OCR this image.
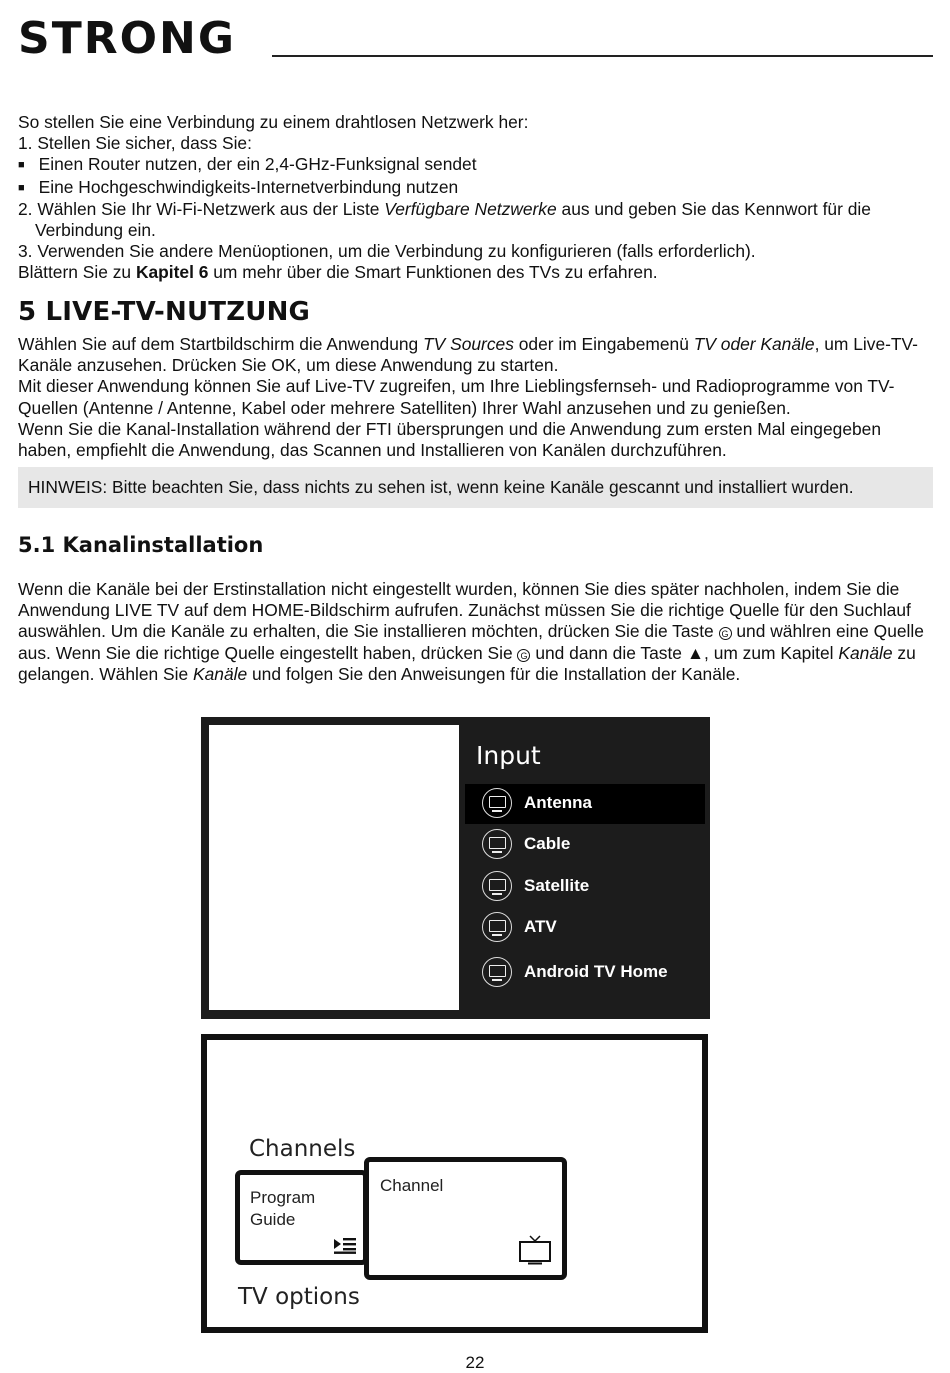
STRONG

So stellen Sie eine Verbindung zu einem drahtlosen Netzwerk her:

1. Stellen Sie sicher, dass Sie:

■ Einen Router nutzen, der ein 2,4-GHz-Funksignal sendet

■ Eine Hochgeschwindigkeits-Internetverbindung nutzen

2. Wählen Sie Ihr Wi-Fi-Netzwerk aus der Liste Verfügbare Netzwerke aus und geben Sie das Kennwort für die Verbindung ein.

3. Verwenden Sie andere Menüoptionen, um die Verbindung zu konfigurieren (falls erforderlich).

Blättern Sie zu Kapitel 6 um mehr über die Smart Funktionen des TVs zu erfahren.

5 LIVE-TV-NUTZUNG

Wählen Sie auf dem Startbildschirm die Anwendung TV Sources oder im Eingabemenü TV oder Kanäle, um Live-TV-Kanäle anzusehen. Drücken Sie OK, um diese Anwendung zu starten.

Mit dieser Anwendung können Sie auf Live-TV zugreifen, um Ihre Lieblingsfernseh- und Radioprogramme von TV-Quellen (Antenne / Antenne, Kabel oder mehrere Satelliten) Ihrer Wahl anzusehen und zu genießen.

Wenn Sie die Kanal-Installation während der FTI übersprungen und die Anwendung zum ersten Mal eingegeben haben, empfiehlt die Anwendung, das Scannen und Installieren von Kanälen durchzuführen.

HINWEIS: Bitte beachten Sie, dass nichts zu sehen ist, wenn keine Kanäle gescannt und installiert wurden.
5.1 Kanalinstallation

Wenn die Kanäle bei der Erstinstallation nicht eingestellt wurden, können Sie dies später nachholen, indem Sie die Anwendung LIVE TV auf dem HOME-Bildschirm aufrufen. Zunächst müssen Sie die richtige Quelle für den Suchlauf auswählen. Um die Kanäle zu erhalten, die Sie installieren möchten, drücken Sie die Taste G und wählren eine Quelle aus. Wenn Sie die richtige Quelle eingestellt haben, drücken Sie G und dann die Taste ▲, um zum Kapitel Kanäle zu gelangen. Wählen Sie Kanäle und folgen Sie den Anweisungen für die Installation der Kanäle.

Input
Antenna
Cable
Satellite
ATV
Android TV Home
Channels
Program Guide
Channel
TV options
22
